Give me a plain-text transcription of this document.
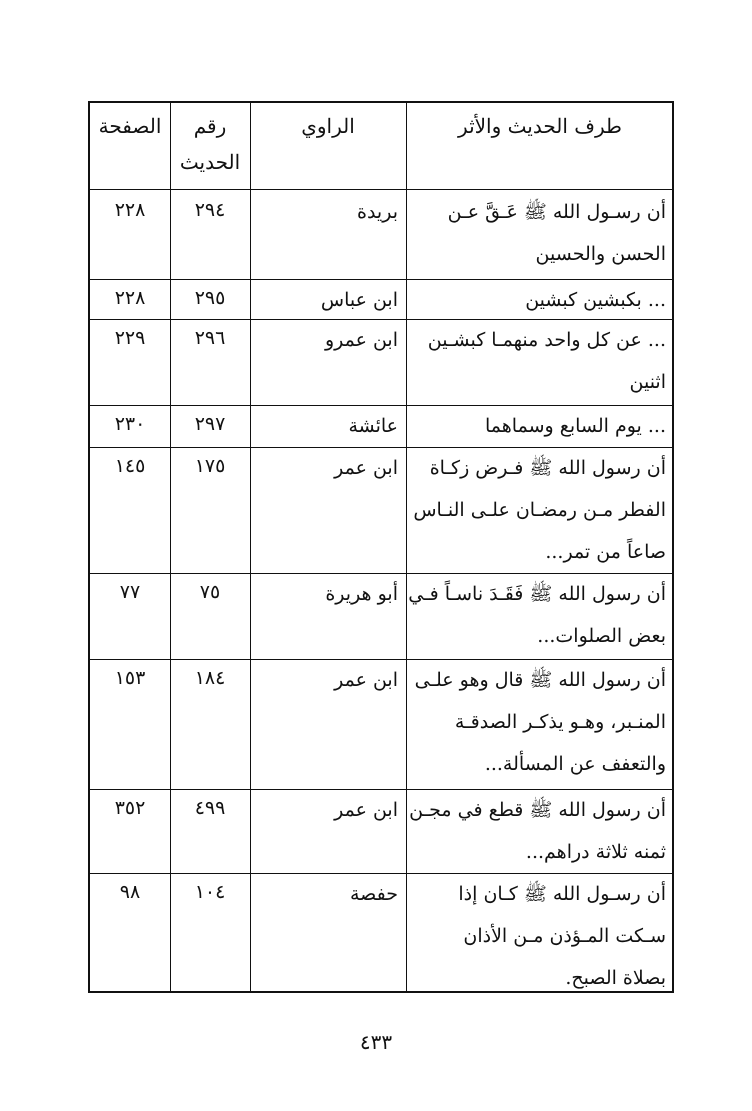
طرف الحديث والأثر
الراوي
رقم
الحديث
الصفحة
أن رسـول الله ﷺ عَـقَّ عـن
الحسن والحسين
بريدة
٢٩٤
٢٢٨
... بكبشين كبشين
ابن عباس
٢٩٥
٢٢٨
... عن كل واحد منهمـا كبشـين
اثنين
ابن عمرو
٢٩٦
٢٢٩
... يوم السابع وسماهما
عائشة
٢٩٧
٢٣٠
أن رسول الله ﷺ فـرض زكـاة
الفطر مـن رمضـان علـى النـاس
صاعاً من تمر...
ابن عمر
١٧٥
١٤٥
أن رسول الله ﷺ فَقَـدَ ناسـاً فـي
بعض الصلوات...
أبو هريرة
٧٥
٧٧
أن رسول الله ﷺ قال وهو علـى
المنـبر، وهـو يذكـر الصدقـة
والتعفف عن المسألة...
ابن عمر
١٨٤
١٥٣
أن رسول الله ﷺ قطع في مجـن
ثمنه ثلاثة دراهم...
ابن عمر
٤٩٩
٣٥٢
أن رسـول الله ﷺ كـان إذا
سـكت المـؤذن مـن الأذان
بصلاة الصبح.
حفصة
١٠٤
٩٨
٤٣٣
